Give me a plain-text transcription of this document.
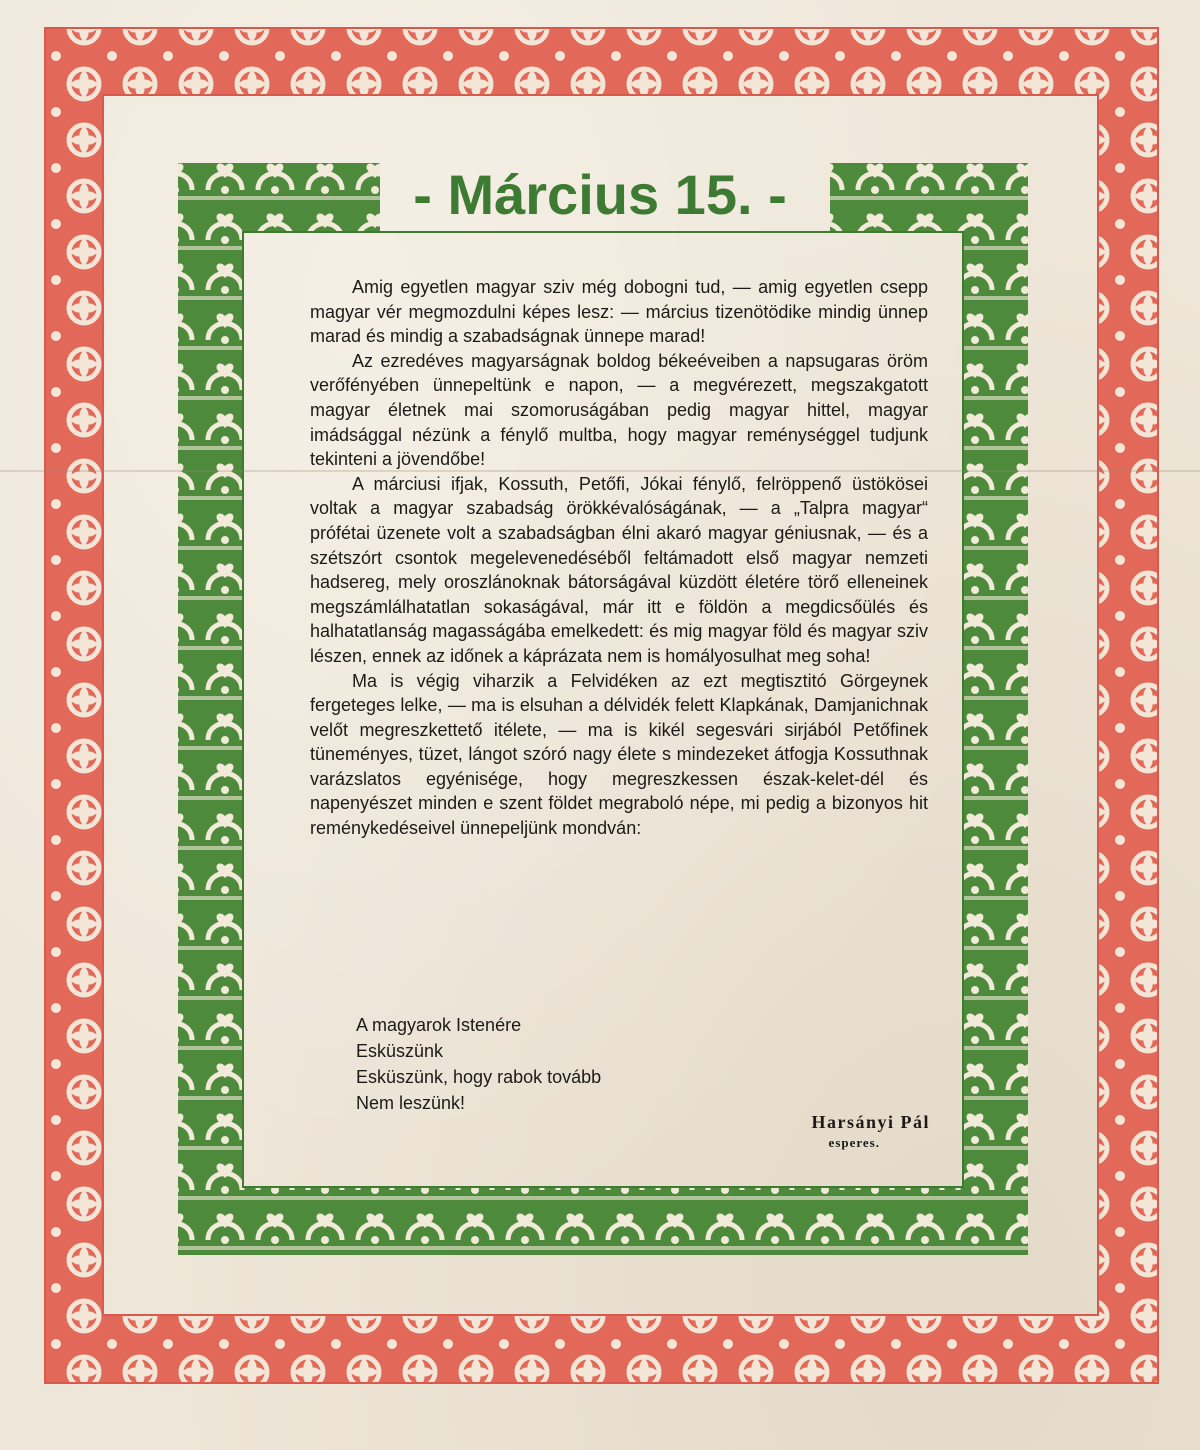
- Március 15. -

Amig egyetlen magyar sziv még dobogni tud, — amig egyetlen csepp magyar vér megmozdulni képes lesz: — március tizenötödike mindig ünnep marad és mindig a szabadságnak ünnepe marad!

Az ezredéves magyarságnak boldog békeéveiben a napsugaras öröm verőfényében ünnepeltünk e napon, — a megvérezett, megszakgatott magyar életnek mai szomoruságában pedig magyar hittel, magyar imádsággal nézünk a fénylő multba, hogy magyar reménységgel tudjunk tekinteni a jövendőbe!

A márciusi ifjak, Kossuth, Petőfi, Jókai fénylő, felröppenő üstökösei voltak a magyar szabadság örökkévalóságának, — a „Talpra magyar“ prófétai üzenete volt a szabadságban élni akaró magyar géniusnak, — és a szétszórt csontok megelevenedéséből feltámadott első magyar nemzeti hadsereg, mely oroszlánoknak bátorságával küzdött életére törő elleneinek megszámlálhatatlan sokaságával, már itt e földön a megdicsőülés és halhatatlanság magasságába emelkedett: és mig magyar föld és magyar sziv lészen, ennek az időnek a káprázata nem is homályosulhat meg soha!

Ma is végig viharzik a Felvidéken az ezt megtisztitó Görgeynek fergeteges lelke, — ma is elsuhan a délvidék felett Klapkának, Damjanichnak velőt megreszkettető itélete, — ma is kikél segesvári sirjából Petőfinek tüneményes, tüzet, lángot szóró nagy élete s mindezeket átfogja Kossuthnak varázslatos egyénisége, hogy megreszkessen észak-kelet-dél és napenyészet minden e szent földet megraboló népe, mi pedig a bizonyos hit reménykedéseivel ünnepeljünk mondván:

A magyarok Istenére
Esküszünk
Esküszünk, hogy rabok tovább
Nem leszünk!
Harsányi Pál
esperes.
